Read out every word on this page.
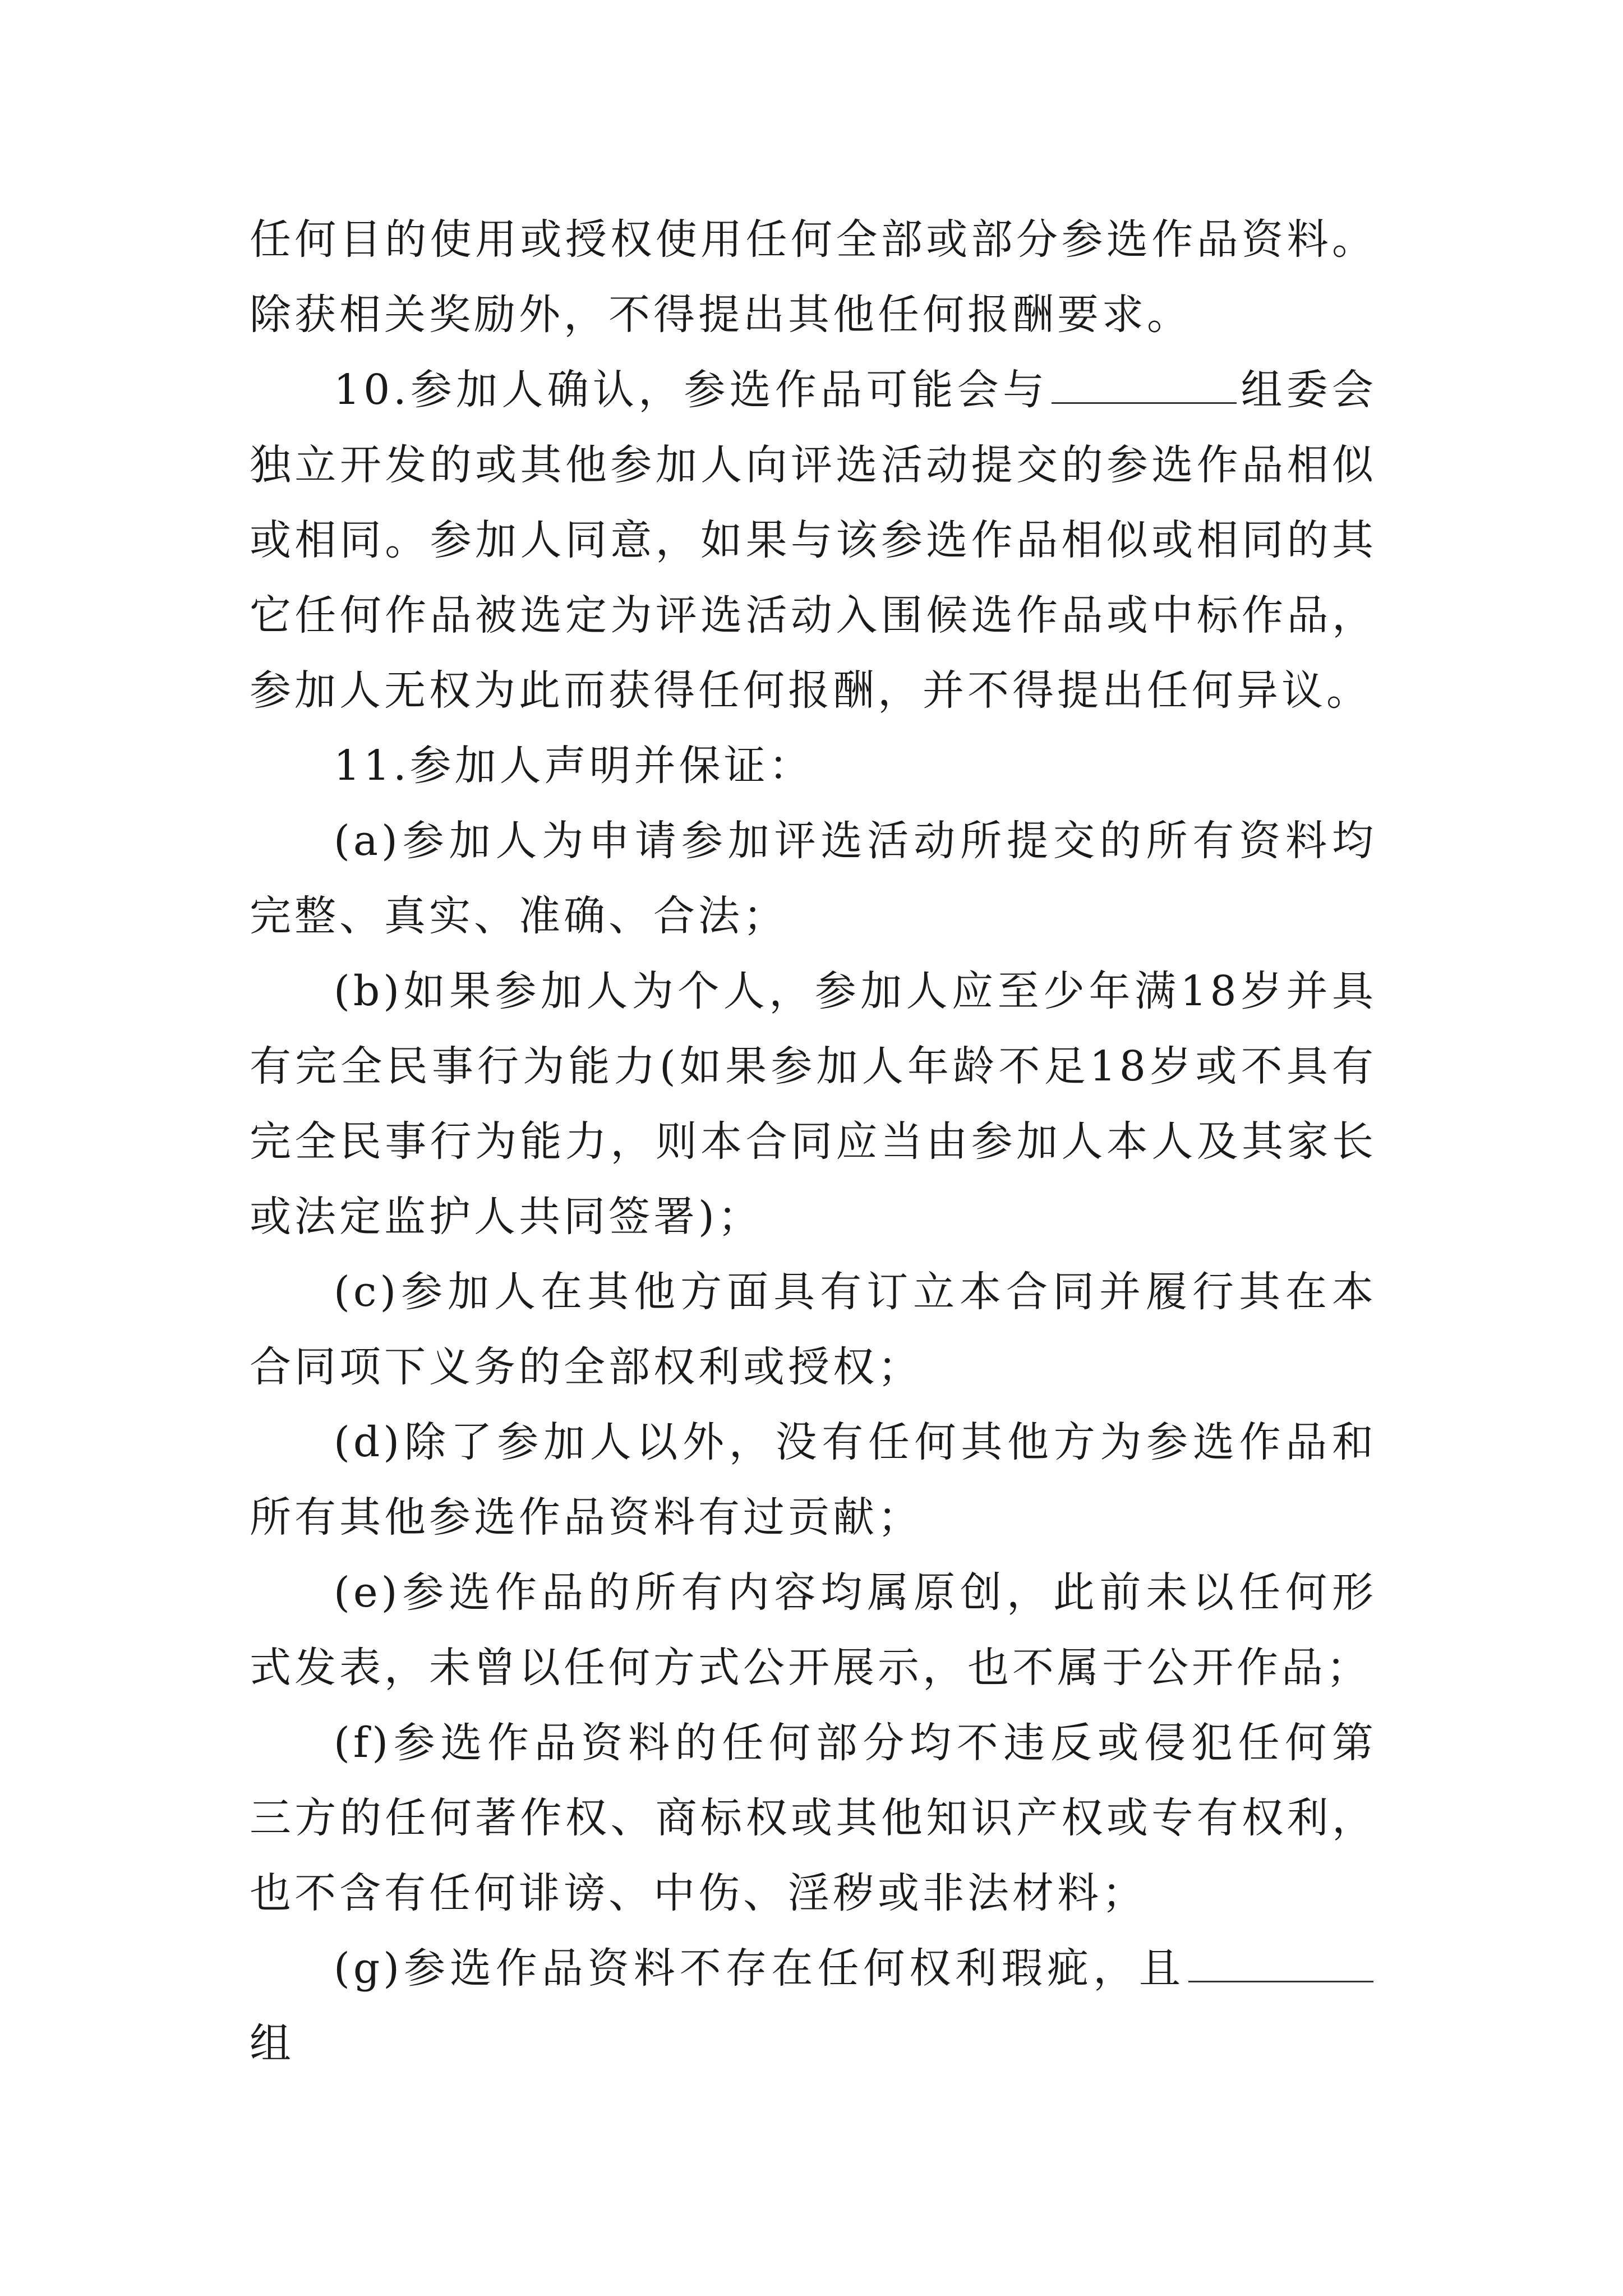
任何目的使用或授权使用任何全部或部分参选作品资料。除获相关奖励外，不得提出其他任何报酬要求。

10.参加人确认，参选作品可能会与	组委会独立开发的或其他参加人向评选活动提交的参选作品相似或相同。参加人同意，如果与该参选作品相似或相同的其它任何作品被选定为评选活动入围候选作品或中标作品，参加人无权为此而获得任何报酬，并不得提出任何异议。

11.参加人声明并保证：

(a)参加人为申请参加评选活动所提交的所有资料均完整、真实、准确、合法；

(b)如果参加人为个人，参加人应至少年满18岁并具有完全民事行为能力(如果参加人年龄不足18岁或不具有完全民事行为能力，则本合同应当由参加人本人及其家长或法定监护人共同签署)；

(c)参加人在其他方面具有订立本合同并履行其在本合同项下义务的全部权利或授权；

(d)除了参加人以外，没有任何其他方为参选作品和所有其他参选作品资料有过贡献；

(e)参选作品的所有内容均属原创，此前未以任何形式发表，未曾以任何方式公开展示，也不属于公开作品；

(f)参选作品资料的任何部分均不违反或侵犯任何第三方的任何著作权、商标权或其他知识产权或专有权利，也不含有任何诽谤、中伤、淫秽或非法材料；

(g)参选作品资料不存在任何权利瑕疵，且组
